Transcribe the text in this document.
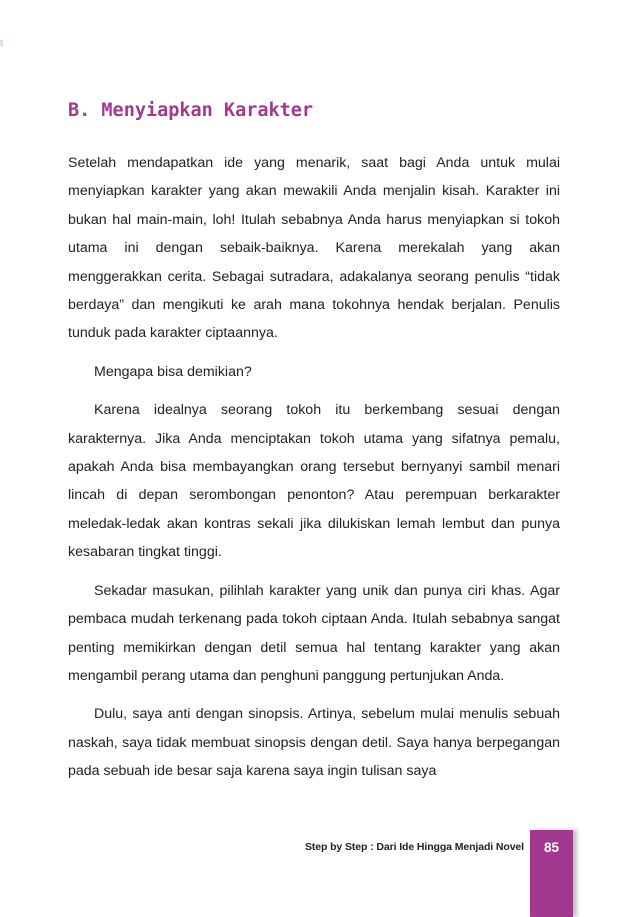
B. Menyiapkan Karakter

Setelah mendapatkan ide yang menarik, saat bagi Anda untuk mulai menyiapkan karakter yang akan mewakili Anda menjalin kisah. Karakter ini bukan hal main-main, loh! Itulah sebabnya Anda harus menyiapkan si tokoh utama ini dengan sebaik-baiknya. Karena merekalah yang akan menggerakkan cerita. Sebagai sutradara, adakalanya seorang penulis “tidak berdaya” dan mengikuti ke arah mana tokohnya hendak berjalan. Penulis tunduk pada karakter ciptaannya.

Mengapa bisa demikian?

Karena idealnya seorang tokoh itu berkembang sesuai dengan karakternya. Jika Anda menciptakan tokoh utama yang sifatnya pemalu, apakah Anda bisa membayangkan orang tersebut bernyanyi sambil menari lincah di depan serombongan penonton? Atau perempuan berkarakter meledak-ledak akan kontras sekali jika dilukiskan lemah lembut dan punya kesabaran tingkat tinggi.

Sekadar masukan, pilihlah karakter yang unik dan punya ciri khas. Agar pembaca mudah terkenang pada tokoh ciptaan Anda. Itulah sebabnya sangat penting memikirkan dengan detil semua hal tentang karakter yang akan mengambil perang utama dan penghuni panggung pertunjukan Anda.

Dulu, saya anti dengan sinopsis. Artinya, sebelum mulai menulis sebuah naskah, saya tidak membuat sinopsis dengan detil. Saya hanya berpegangan pada sebuah ide besar saja karena saya ingin tulisan saya

Step by Step : Dari Ide Hingga Menjadi Novel	85
